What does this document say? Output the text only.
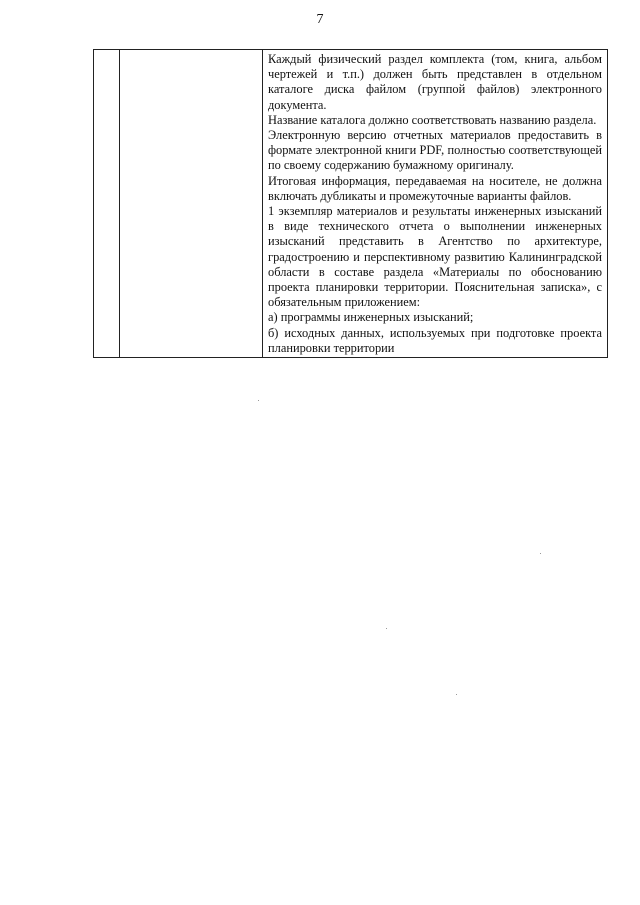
7

Каждый физический раздел комплекта (том, книга, альбом чертежей и т.п.) должен быть представлен в отдельном каталоге диска файлом (группой файлов) электронного документа.

Название каталога должно соответствовать названию раздела.

Электронную версию отчетных материалов предоставить в формате электронной книги PDF, полностью соответствующей по своему содержанию бумажному оригиналу.

Итоговая информация, передаваемая на носителе, не должна включать дубликаты и промежуточные варианты файлов.

1 экземпляр материалов и результаты инженерных изысканий в виде технического отчета о выполнении инженерных изысканий представить в Агентство по архитектуре, градостроению и перспективному развитию Калининградской области в составе раздела «Материалы по обоснованию проекта планировки территории. Пояснительная записка», с обязательным приложением:

а) программы инженерных изысканий;

б) исходных данных, используемых при подготовке проекта планировки территории
